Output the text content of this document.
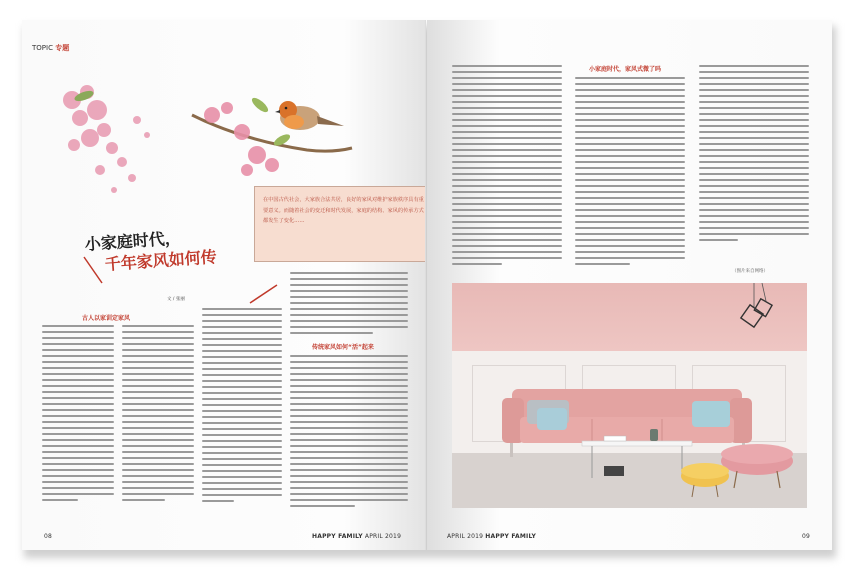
TOPIC 专题
在中国古代社会，大家族合法共居，良好的家风对维护家族秩序具有重要意义。而随着社会的变迁和时代发展，家庭的结构、家风的传承方式都发生了变化……
小家庭时代，
千年家风如何传
文 / 张丽
古人以家训定家风
传统家风如何“活”起来
08	HAPPY FAMILY APRIL 2019
小家庭时代，家风式微了吗
（图片来自网络）
APRIL 2019 HAPPY FAMILY	09
